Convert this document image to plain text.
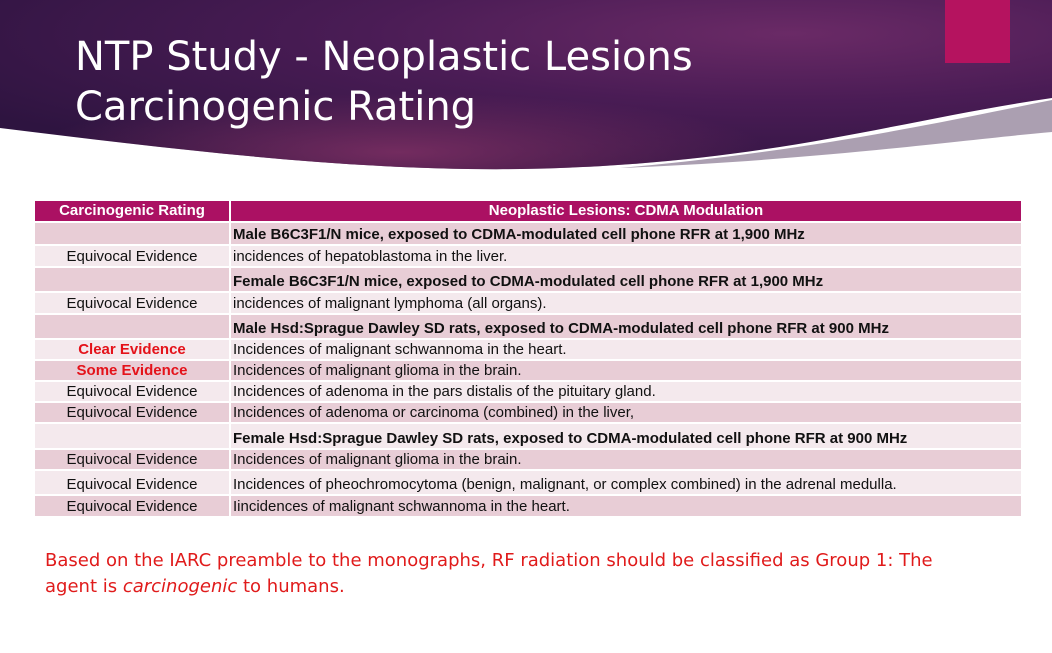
NTP Study - Neoplastic Lesions
Carcinogenic Rating
Carcinogenic Rating	Neoplastic Lesions: CDMA Modulation
	Male B6C3F1/N mice, exposed to CDMA-modulated cell phone RFR at 1,900 MHz
Equivocal Evidence	incidences of hepatoblastoma in the liver.
	Female B6C3F1/N mice, exposed to CDMA-modulated cell phone RFR at 1,900 MHz
Equivocal Evidence	incidences of malignant lymphoma (all organs).
	Male Hsd:Sprague Dawley SD rats, exposed to CDMA-modulated cell phone RFR at 900 MHz
Clear Evidence	Incidences of malignant schwannoma in the heart.
Some Evidence	Incidences of malignant glioma in the brain.
Equivocal Evidence	Incidences of adenoma in the pars distalis of the pituitary gland.
Equivocal Evidence	Incidences of adenoma or carcinoma (combined) in the liver,
	Female Hsd:Sprague Dawley SD rats, exposed to CDMA-modulated cell phone RFR at 900 MHz
Equivocal Evidence	Incidences of malignant glioma in the brain.
Equivocal Evidence	Incidences of pheochromocytoma (benign, malignant, or complex combined) in the adrenal medulla.
Equivocal Evidence	Iincidences of malignant schwannoma in the heart.

Based on the IARC preamble to the monographs, RF radiation should be classified as Group 1: The agent is carcinogenic to humans.
